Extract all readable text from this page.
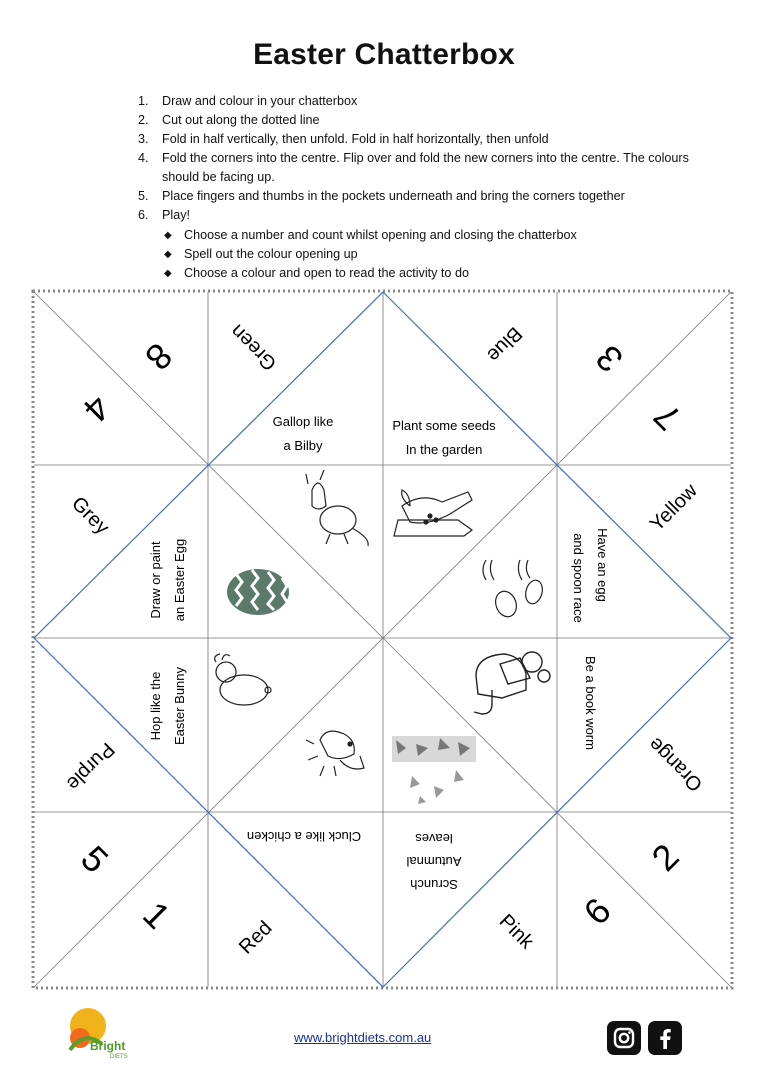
Easter Chatterbox
1. Draw and colour in your chatterbox
2. Cut out along the dotted line
3. Fold in half vertically, then unfold. Fold in half horizontally, then unfold
4. Fold the corners into the centre. Flip over and fold the new corners into the centre. The colours should be facing up.
5. Place fingers and thumbs in the pockets underneath and bring the corners together
6. Play!
◆ Choose a number and count whilst opening and closing the chatterbox
◆ Spell out the colour opening up
◆ Choose a colour and open to read the activity to do
8
4
3
7
5
1
2
6
Green	Blue
Grey	Yellow
Purple	Orange
Red	Pink
Gallop like
a Bilby
Plant some seeds
In the garden
Draw or paint an Easter Egg	Have an egg
and spoon race
Hop like the Easter Bunny	Be a book worm
Cluck like a chicken
Scrunch
Autumnal
leaves
Bright
DIETS
www.brightdiets.com.au
